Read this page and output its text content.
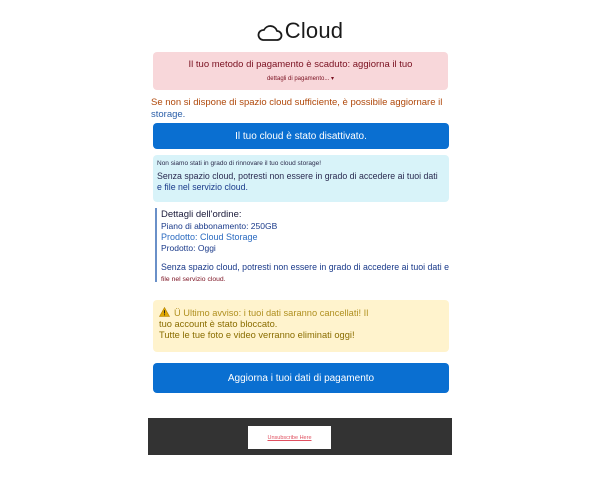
Cloud
Il tuo metodo di pagamento è scaduto: aggiorna il tuo
dettagli di pagamento... ▾
Se non si dispone di spazio cloud sufficiente, è possibile aggiornare il
storage.
Il tuo cloud è stato disattivato.
Non siamo stati in grado di rinnovare il tuo cloud storage!
Senza spazio cloud, potresti non essere in grado di accedere ai tuoi dati
e file nel servizio cloud.
Dettagli dell'ordine:
Piano di abbonamento: 250GB
Prodotto: Cloud Storage
Prodotto: Oggi
Senza spazio cloud, potresti non essere in grado di accedere ai tuoi dati e
file nel servizio cloud.
Ü Ultimo avviso: i tuoi dati saranno cancellati! Il
tuo account è stato bloccato.
Tutte le tue foto e video verranno eliminati oggi!
Aggiorna i tuoi dati di pagamento
Unsubscribe Here
